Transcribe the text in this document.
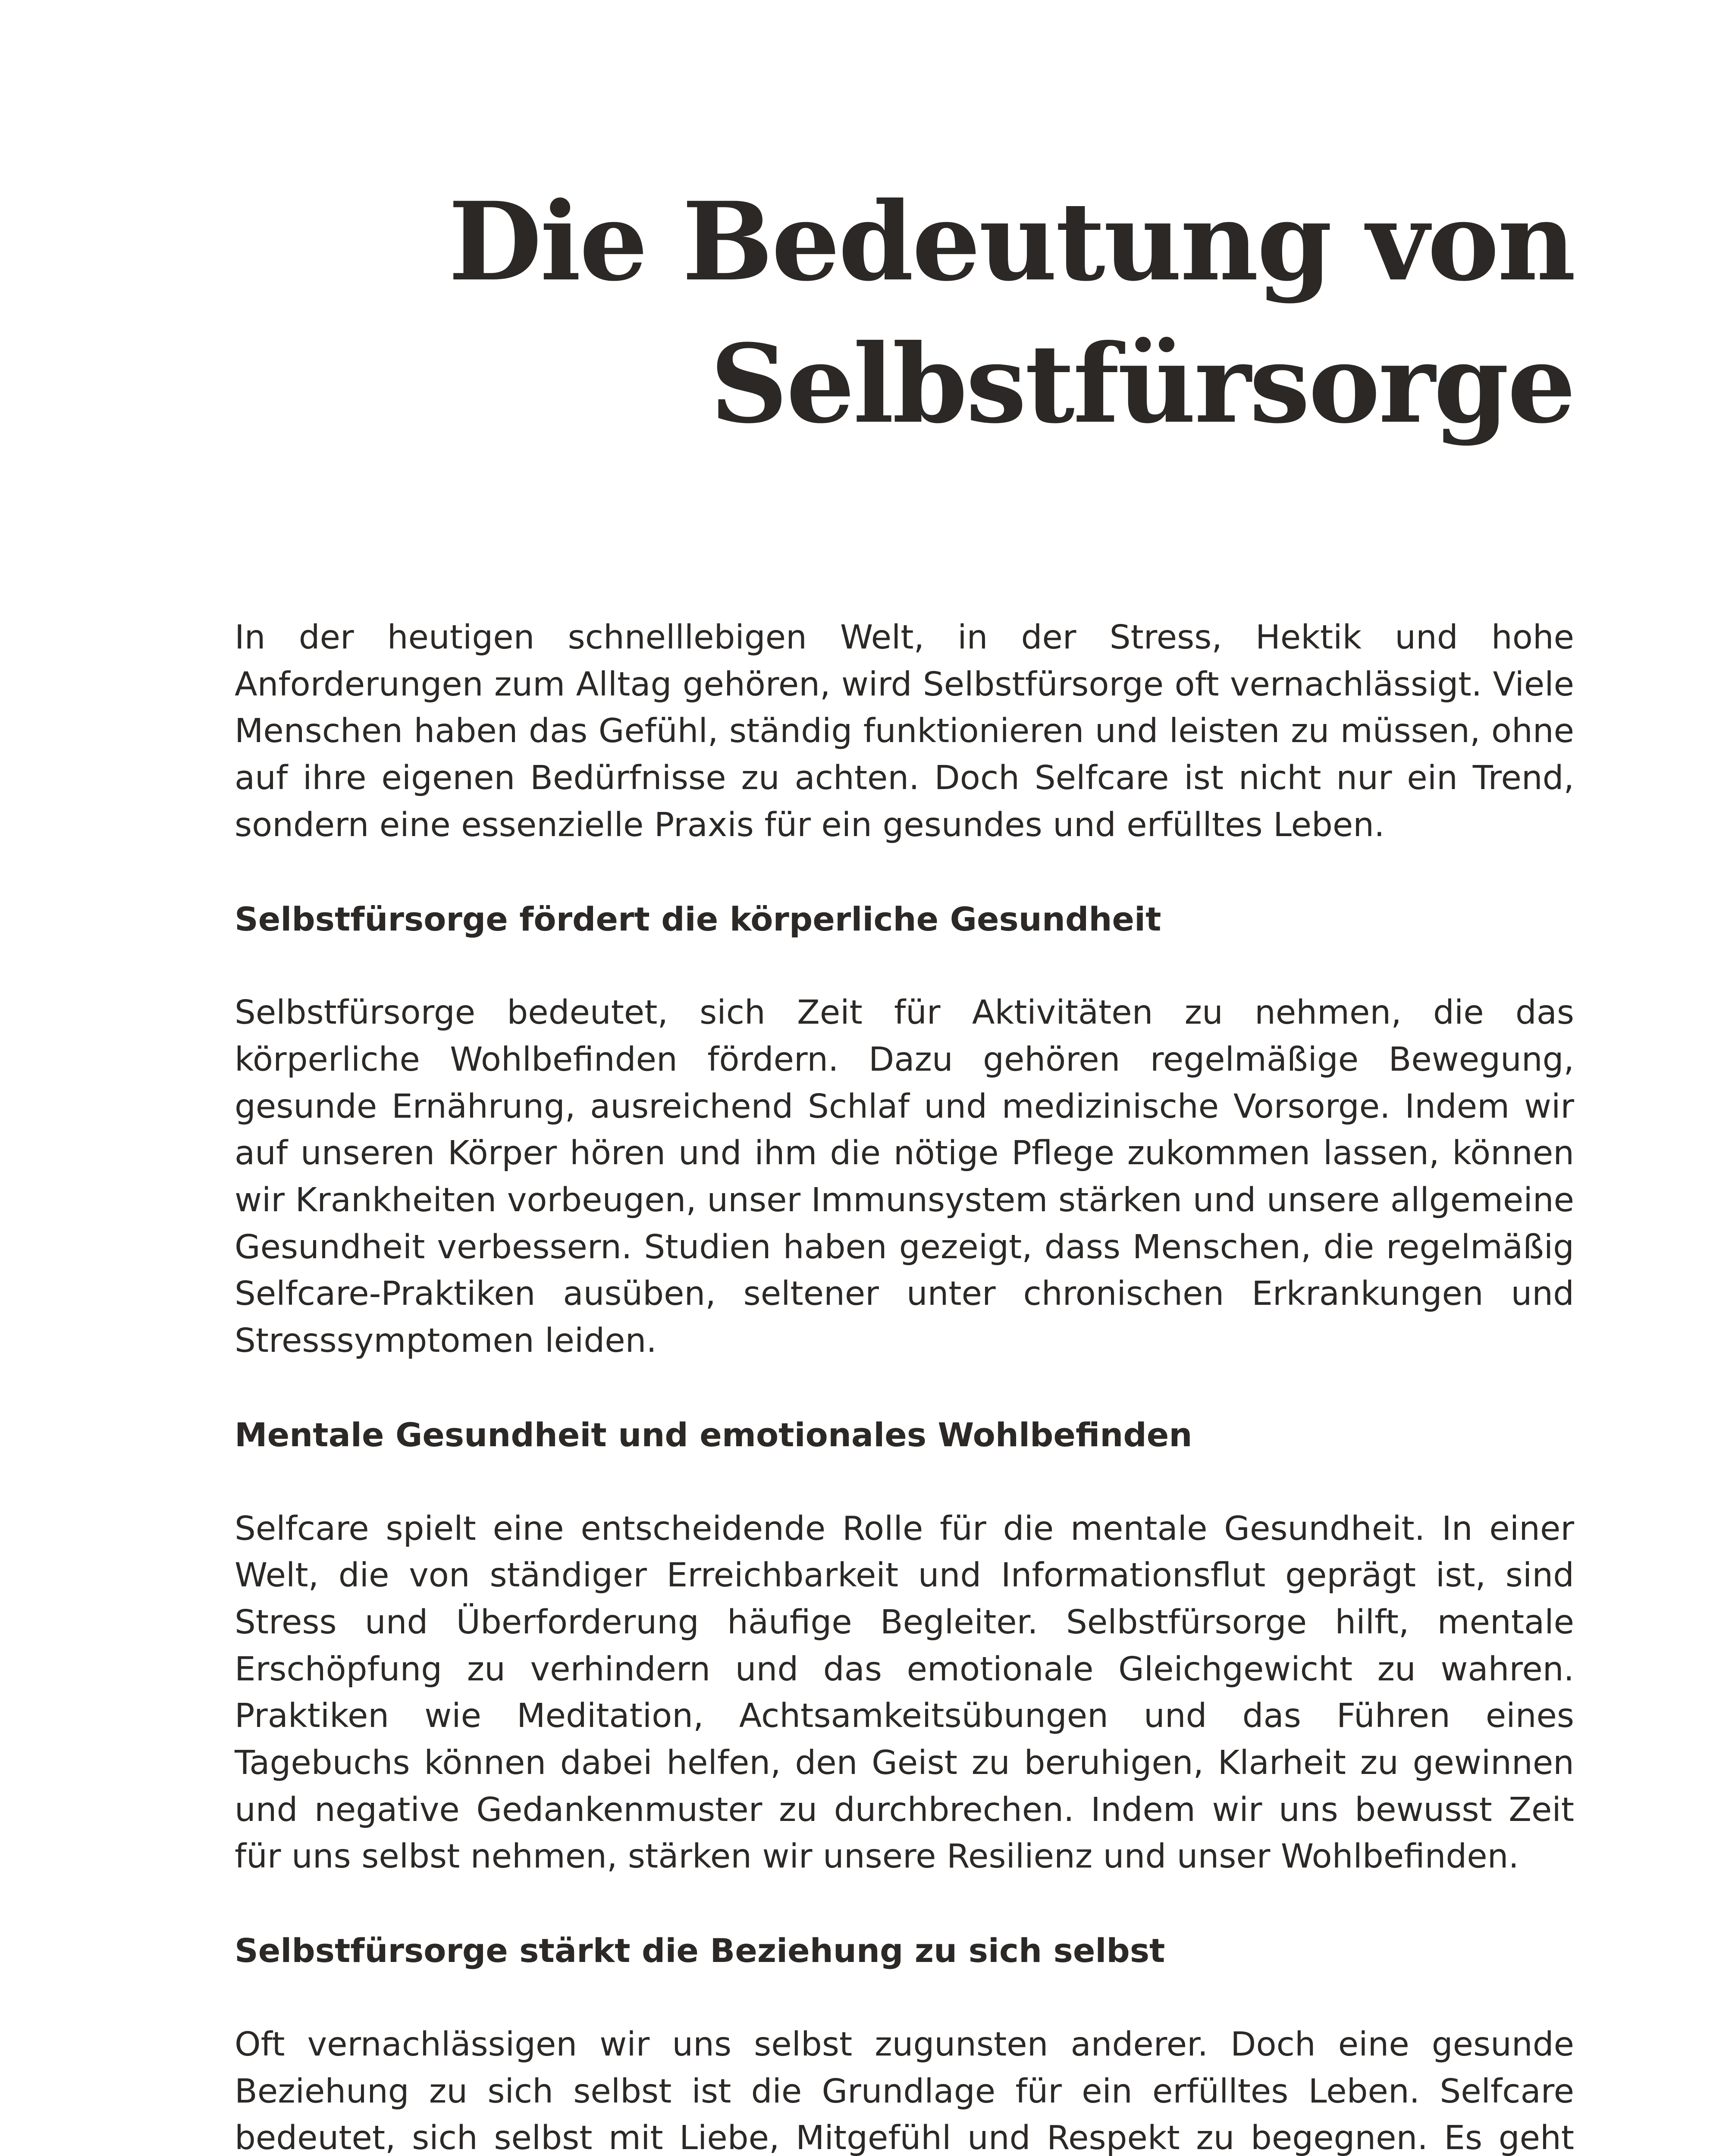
Die Bedeutung von
Selbstfürsorge

In der heutigen schnelllebigen Welt, in der Stress, Hektik und hohe Anforderungen zum Alltag gehören, wird Selbstfürsorge oft vernachlässigt. Viele Menschen haben das Gefühl, ständig funktionieren und leisten zu müssen, ohne auf ihre eigenen Bedürfnisse zu achten. Doch Selfcare ist nicht nur ein Trend, sondern eine essenzielle Praxis für ein gesundes und erfülltes Leben.

Selbstfürsorge fördert die körperliche Gesundheit

Selbstfürsorge bedeutet, sich Zeit für Aktivitäten zu nehmen, die das körperliche Wohlbefinden fördern. Dazu gehören regelmäßige Bewegung, gesunde Ernährung, ausreichend Schlaf und medizinische Vorsorge. Indem wir auf unseren Körper hören und ihm die nötige Pflege zukommen lassen, können wir Krankheiten vorbeugen, unser Immunsystem stärken und unsere allgemeine Gesundheit verbessern. Studien haben gezeigt, dass Menschen, die regelmäßig Selfcare-Praktiken ausüben, seltener unter chronischen Erkrankungen und Stresssymptomen leiden.

Mentale Gesundheit und emotionales Wohlbefinden

Selfcare spielt eine entscheidende Rolle für die mentale Gesundheit. In einer Welt, die von ständiger Erreichbarkeit und Informationsflut geprägt ist, sind Stress und Überforderung häufige Begleiter. Selbstfürsorge hilft, mentale Erschöpfung zu verhindern und das emotionale Gleichgewicht zu wahren. Praktiken wie Meditation, Achtsamkeitsübungen und das Führen eines Tagebuchs können dabei helfen, den Geist zu beruhigen, Klarheit zu gewinnen und negative Gedankenmuster zu durchbrechen. Indem wir uns bewusst Zeit für uns selbst nehmen, stärken wir unsere Resilienz und unser Wohlbefinden.

Selbstfürsorge stärkt die Beziehung zu sich selbst

Oft vernachlässigen wir uns selbst zugunsten anderer. Doch eine gesunde Beziehung zu sich selbst ist die Grundlage für ein erfülltes Leben. Selfcare bedeutet, sich selbst mit Liebe, Mitgefühl und Respekt zu begegnen. Es geht
